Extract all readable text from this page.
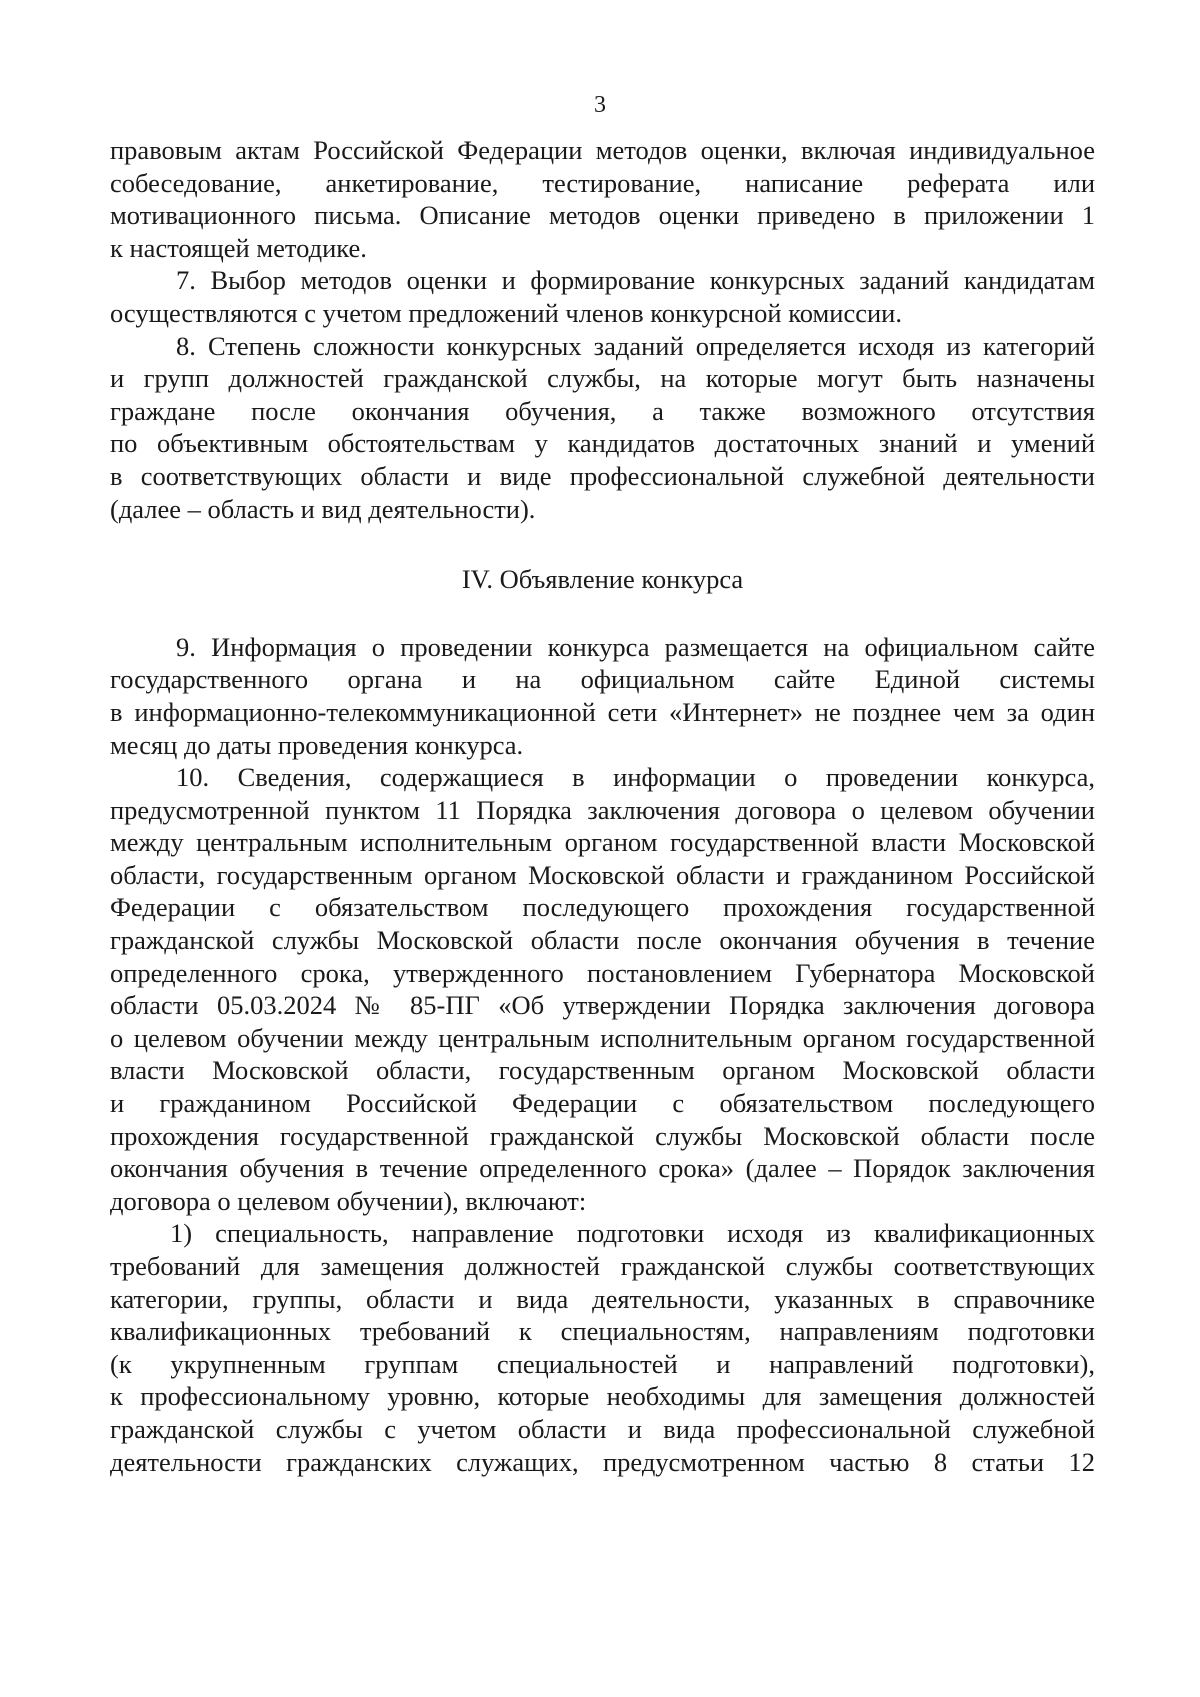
3
правовым актам Российской Федерации методов оценки, включая индивидуальное
собеседование, анкетирование, тестирование, написание реферата или
мотивационного письма. Описание методов оценки приведено в приложении 1
к настоящей методике.
7. Выбор методов оценки и формирование конкурсных заданий кандидатам
осуществляются с учетом предложений членов конкурсной комиссии.
8. Степень сложности конкурсных заданий определяется исходя из категорий
и групп должностей гражданской службы, на которые могут быть назначены
граждане после окончания обучения, а также возможного отсутствия
по объективным обстоятельствам у кандидатов достаточных знаний и умений
в соответствующих области и виде профессиональной служебной деятельности
(далее – область и вид деятельности).
IV. Объявление конкурса
9. Информация о проведении конкурса размещается на официальном сайте
государственного органа и на официальном сайте Единой системы
в информационно-телекоммуникационной сети «Интернет» не позднее чем за один
месяц до даты проведения конкурса.
10. Сведения, содержащиеся в информации о проведении конкурса,
предусмотренной пунктом 11 Порядка заключения договора о целевом обучении
между центральным исполнительным органом государственной власти Московской
области, государственным органом Московской области и гражданином Российской
Федерации с обязательством последующего прохождения государственной
гражданской службы Московской области после окончания обучения в течение
определенного срока, утвержденного постановлением Губернатора Московской
области 05.03.2024 № 85-ПГ «Об утверждении Порядка заключения договора
о целевом обучении между центральным исполнительным органом государственной
власти Московской области, государственным органом Московской области
и гражданином Российской Федерации с обязательством последующего
прохождения государственной гражданской службы Московской области после
окончания обучения в течение определенного срока» (далее – Порядок заключения
договора о целевом обучении), включают:
1) специальность, направление подготовки исходя из квалификационных
требований для замещения должностей гражданской службы соответствующих
категории, группы, области и вида деятельности, указанных в справочнике
квалификационных требований к специальностям, направлениям подготовки
(к укрупненным группам специальностей и направлений подготовки),
к профессиональному уровню, которые необходимы для замещения должностей
гражданской службы с учетом области и вида профессиональной служебной
деятельности гражданских служащих, предусмотренном частью 8 статьи 12
